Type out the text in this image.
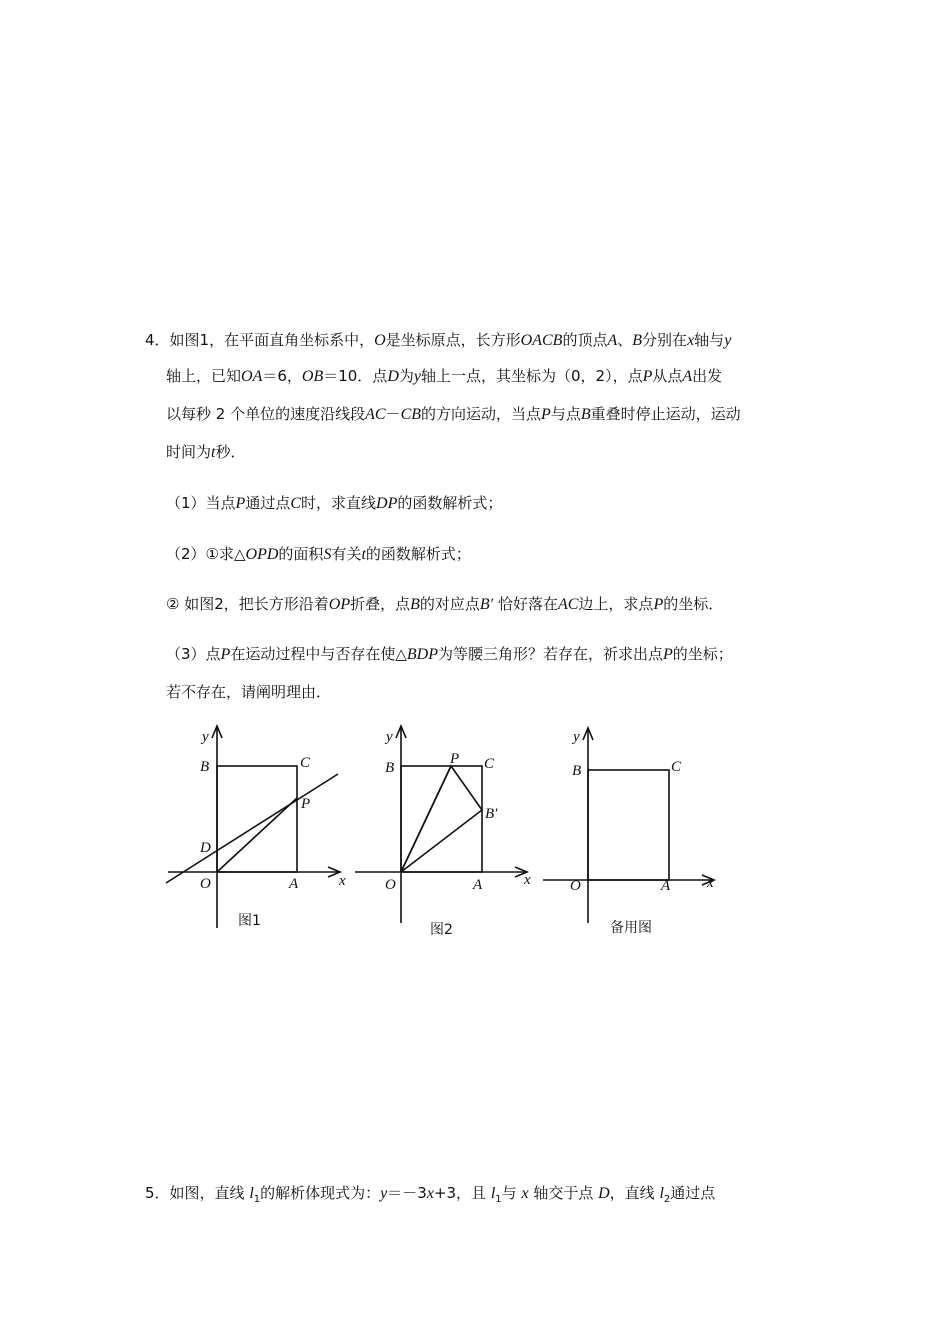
4．如图1，在平面直角坐标系中，O是坐标原点，长方形OACB的顶点A、B分别在x轴与y
轴上，已知OA＝6，OB＝10．点D为y轴上一点，其坐标为（0，2），点P从点A出发
以每秒 2 个单位的速度沿线段AC－CB的方向运动，当点P与点B重叠时停止运动，运动
时间为t秒．
（1）当点P通过点C时，求直线DP的函数解析式；
（2）①求△OPD的面积S有关t的函数解析式；
② 如图2，把长方形沿着OP折叠，点B的对应点B′ 恰好落在AC边上，求点P的坐标．
（3）点P在运动过程中与否存在使△BDP为等腰三角形？若存在，祈求出点P的坐标；
若不存在，请阐明理由．
y
B	C
P
D
O	A	x
图1
y
B
P C
B′
O	A	x
图2
y
B	C
O	A x
备用图
5．如图，直线 $l_1$的解析体现式为：y＝－3x+3，且 $l_1$与 x 轴交于点 D，直线 $l_2$通过点
